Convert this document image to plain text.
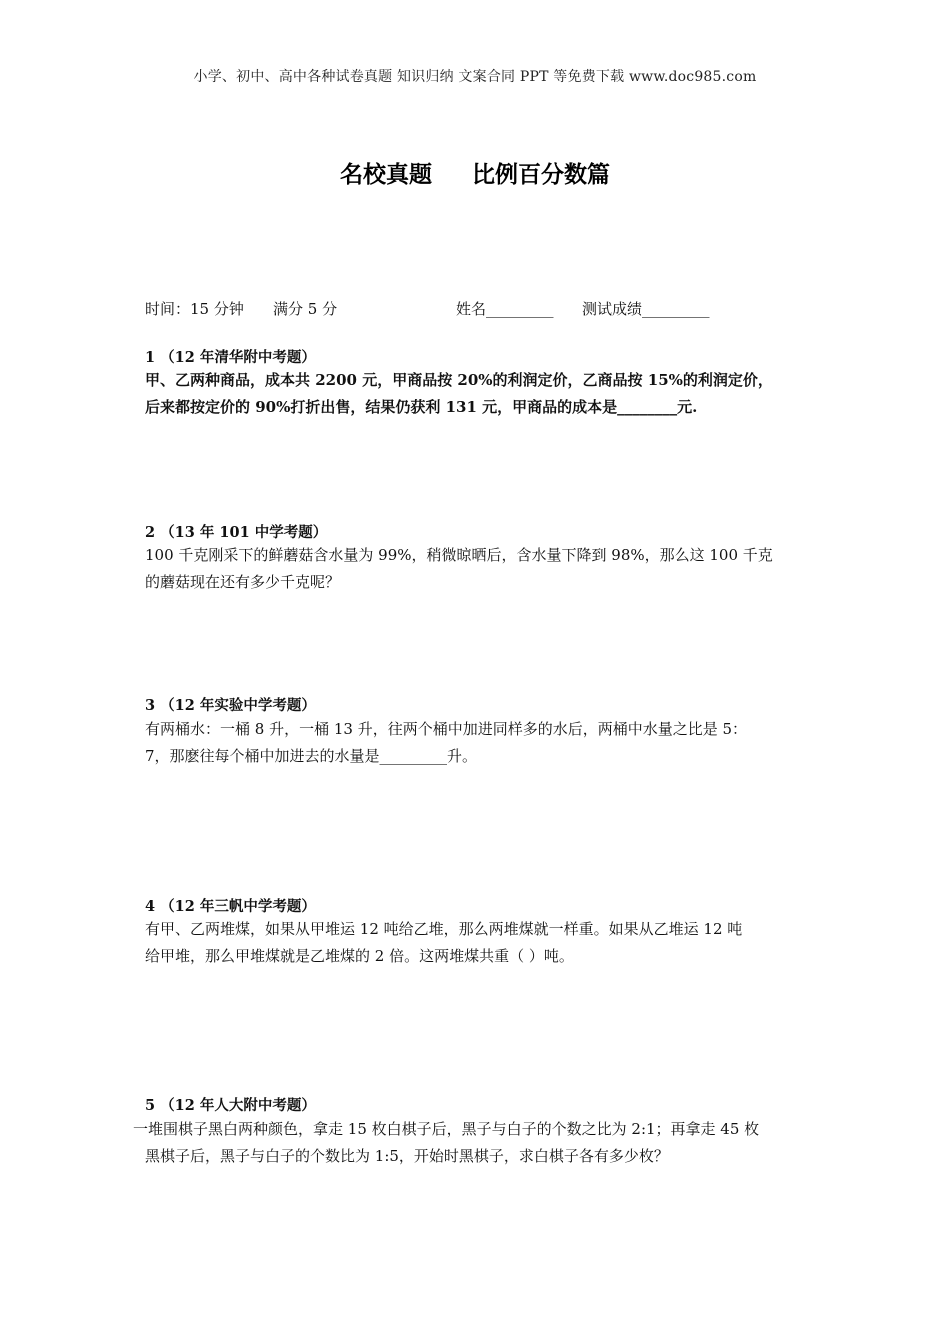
小学、初中、高中各种试卷真题 知识归纳 文案合同 PPT 等免费下载 www.doc985.com
名校真题 比例百分数篇
时间：15 分钟 满分 5 分	姓名_________ 测试成绩_________
1 （12 年清华附中考题）
甲、乙两种商品，成本共 2200 元，甲商品按 20%的利润定价，乙商品按 15%的利润定价，
后来都按定价的 90%打折出售，结果仍获利 131 元，甲商品的成本是________元.
2 （13 年 101 中学考题）
100 千克刚采下的鲜蘑菇含水量为 99%，稍微晾晒后，含水量下降到 98%，那么这 100 千克
的蘑菇现在还有多少千克呢？
3 （12 年实验中学考题）
有两桶水：一桶 8 升，一桶 13 升，往两个桶中加进同样多的水后，两桶中水量之比是 5：
7，那麽往每个桶中加进去的水量是_________升。
4 （12 年三帆中学考题）
有甲、乙两堆煤，如果从甲堆运 12 吨给乙堆，那么两堆煤就一样重。如果从乙堆运 12 吨
给甲堆，那么甲堆煤就是乙堆煤的 2 倍。这两堆煤共重（ ）吨。
5 （12 年人大附中考题）
一堆围棋子黑白两种颜色，拿走 15 枚白棋子后，黑子与白子的个数之比为 2:1；再拿走 45 枚
黑棋子后，黑子与白子的个数比为 1:5，开始时黑棋子，求白棋子各有多少枚？
